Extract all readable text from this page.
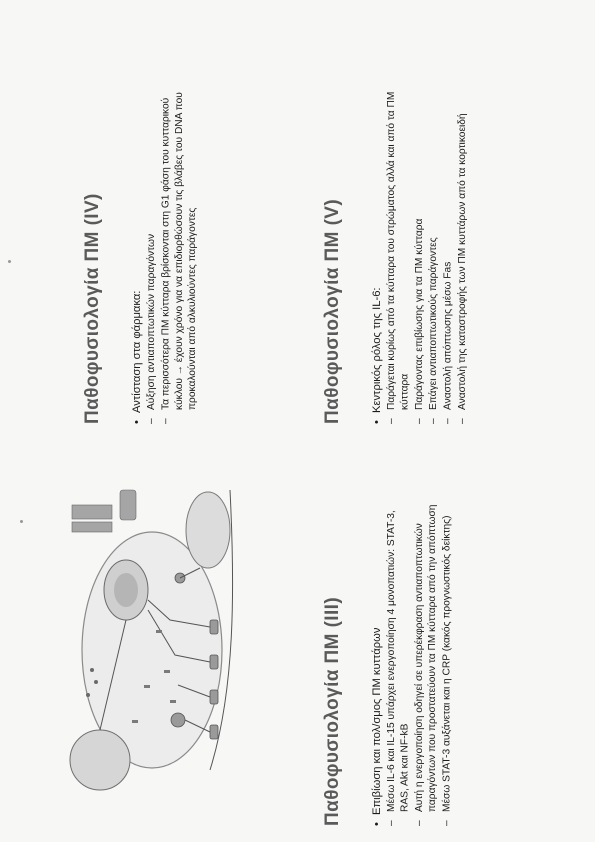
Παθοφυσιολογία ΠΜ (IV)	•
Αντίσταση στα φάρμακα:
–
Αύξηση αντιαποπτωτικών παραγόντων
–
Τα περισσότερα ΠΜ κύτταρα βρίσκονται στη G1 φάση του κυτταρικού κύκλου → έχουν χρόνο για να επιδιορθώσουν τις βλάβες του DNA που προκαλούνται από αλκυλιούντες παράγοντες	Παθοφυσιολογία ΠΜ (V)	•
Κεντρικός ρόλος της IL-6:
–
Παράγεται κυρίως από τα κύτταρα του στρώματος αλλά και από τα ΠΜ κύτταρα
–
Παράγοντας επιβίωσης για τα ΠΜ κύτταρα
–
Επάγει αντιαποπτωτικούς παράγοντες
–
Αναστολή απόπτωσης μέσω Fas
–
Αναστολή της καταστροφής των ΠΜ κυττάρων από τα κορτικοειδή
Παθοφυσιολογία ΠΜ (III)	•
Επιβίωση και πολ/σμος ΠΜ κυττάρων
–
Μέσω IL-6 και IL-15 υπάρχει ενεργοποίηση 4 μονοπατιών: STAT-3, RAS, Akt και NF-kB
–
Αυτή η ενεργοποίηση οδηγεί σε υπερέκφραση αντιαποπτωτικών παραγόντων που προστατεύουν τα ΠΜ κύτταρα από την απόπτωση
–
Μέσω STAT-3 αυξάνεται και η CRP (κακός προγνωστικός δείκτης)
